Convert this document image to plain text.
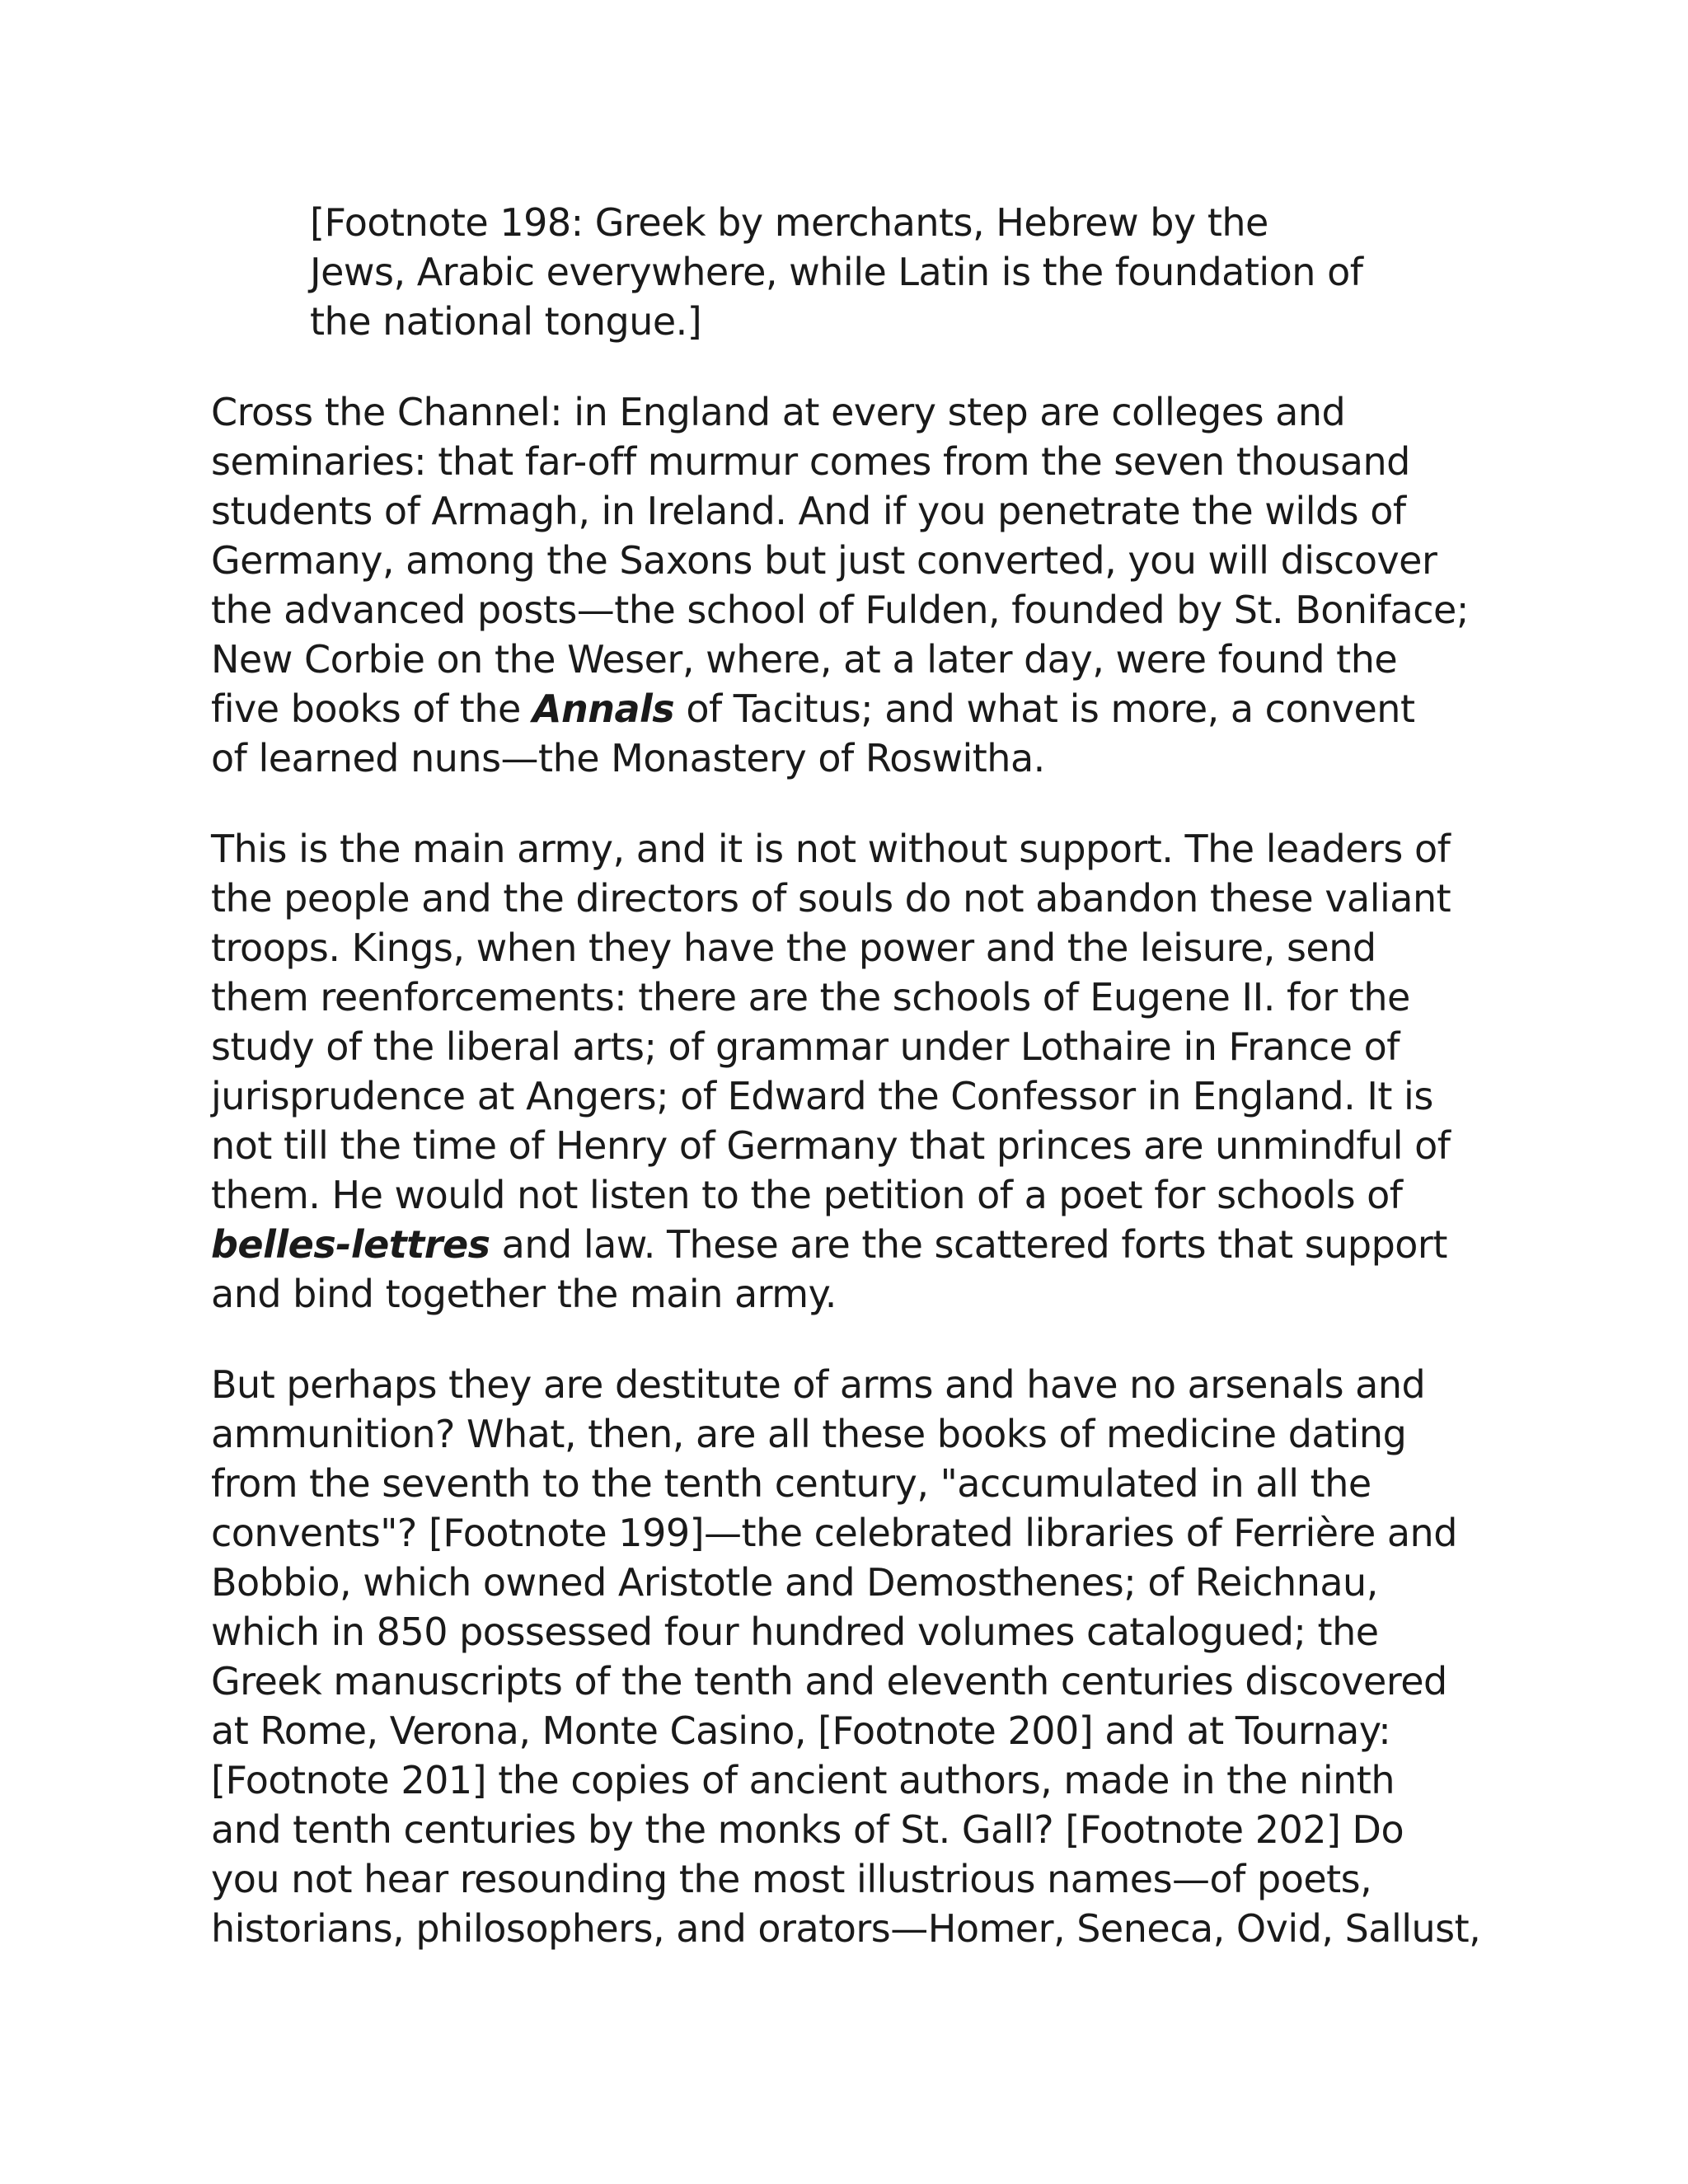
[Footnote 198: Greek by merchants, Hebrew by the
Jews, Arabic everywhere, while Latin is the foundation of
the national tongue.]

Cross the Channel: in England at every step are colleges and
seminaries: that far-off murmur comes from the seven thousand
students of Armagh, in Ireland. And if you penetrate the wilds of
Germany, among the Saxons but just converted, you will discover
the advanced posts—the school of Fulden, founded by St. Boniface;
New Corbie on the Weser, where, at a later day, were found the
five books of the Annals of Tacitus; and what is more, a convent
of learned nuns—the Monastery of Roswitha.

This is the main army, and it is not without support. The leaders of
the people and the directors of souls do not abandon these valiant
troops. Kings, when they have the power and the leisure, send
them reenforcements: there are the schools of Eugene II. for the
study of the liberal arts; of grammar under Lothaire in France of
jurisprudence at Angers; of Edward the Confessor in England. It is
not till the time of Henry of Germany that princes are unmindful of
them. He would not listen to the petition of a poet for schools of
belles-lettres and law. These are the scattered forts that support
and bind together the main army.

But perhaps they are destitute of arms and have no arsenals and
ammunition? What, then, are all these books of medicine dating
from the seventh to the tenth century, "accumulated in all the
convents"? [Footnote 199]—the celebrated libraries of Ferrière and
Bobbio, which owned Aristotle and Demosthenes; of Reichnau,
which in 850 possessed four hundred volumes catalogued; the
Greek manuscripts of the tenth and eleventh centuries discovered
at Rome, Verona, Monte Casino, [Footnote 200] and at Tournay:
[Footnote 201] the copies of ancient authors, made in the ninth
and tenth centuries by the monks of St. Gall? [Footnote 202] Do
you not hear resounding the most illustrious names—of poets,
historians, philosophers, and orators—Homer, Seneca, Ovid, Sallust,
